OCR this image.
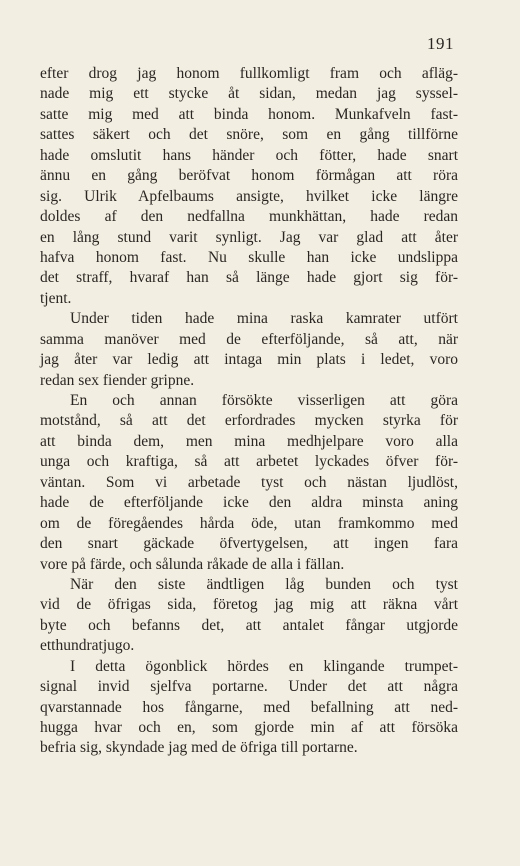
191
efter drog jag honom fullkomligt fram och afläg-
nade mig ett stycke åt sidan, medan jag syssel-
satte mig med att binda honom. Munkafveln fast-
sattes säkert och det snöre, som en gång tillförne
hade omslutit hans händer och fötter, hade snart
ännu en gång beröfvat honom förmågan att röra
sig. Ulrik Apfelbaums ansigte, hvilket icke längre
doldes af den nedfallna munkhättan, hade redan
en lång stund varit synligt. Jag var glad att åter
hafva honom fast. Nu skulle han icke undslippa
det straff, hvaraf han så länge hade gjort sig för-
tjent.
Under tiden hade mina raska kamrater utfört
samma manöver med de efterföljande, så att, när
jag åter var ledig att intaga min plats i ledet, voro
redan sex fiender gripne.
En och annan försökte visserligen att göra
motstånd, så att det erfordrades mycken styrka för
att binda dem, men mina medhjelpare voro alla
unga och kraftiga, så att arbetet lyckades öfver för-
väntan. Som vi arbetade tyst och nästan ljudlöst,
hade de efterföljande icke den aldra minsta aning
om de föregåendes hårda öde, utan framkommo med
den snart gäckade öfvertygelsen, att ingen fara
vore på färde, och sålunda råkade de alla i fällan.
När den siste ändtligen låg bunden och tyst
vid de öfrigas sida, företog jag mig att räkna vårt
byte och befanns det, att antalet fångar utgjorde
etthundratjugo.
I detta ögonblick hördes en klingande trumpet-
signal invid sjelfva portarne. Under det att några
qvarstannade hos fångarne, med befallning att ned-
hugga hvar och en, som gjorde min af att försöka
befria sig, skyndade jag med de öfriga till portarne.
